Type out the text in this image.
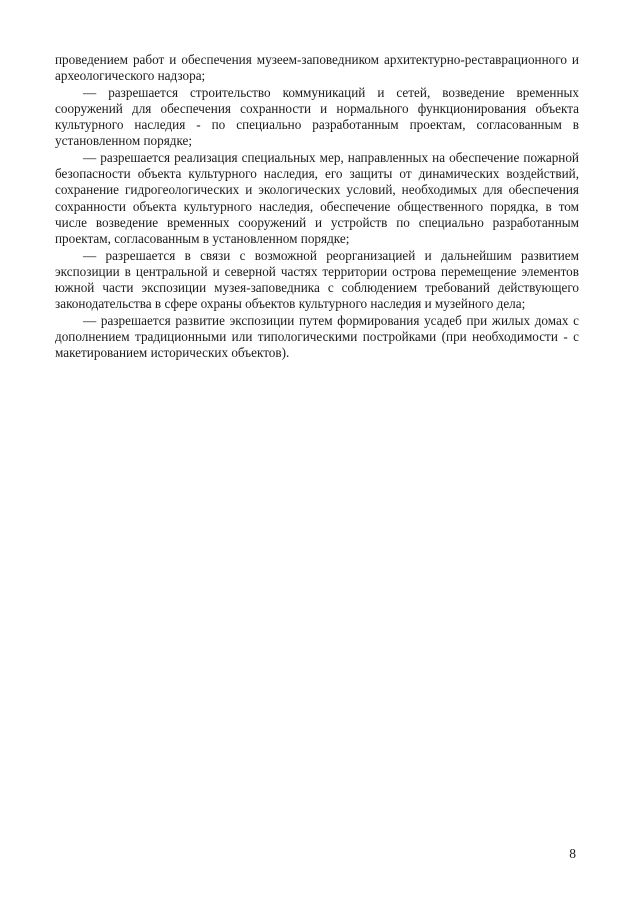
проведением работ и обеспечения музеем-заповедником архитектурно-реставрационного и археологического надзора;

— разрешается строительство коммуникаций и сетей, возведение временных сооружений для обеспечения сохранности и нормального функционирования объекта культурного наследия - по специально разработанным проектам, согласованным в установленном порядке;

— разрешается реализация специальных мер, направленных на обеспечение пожарной безопасности объекта культурного наследия, его защиты от динамических воздействий, сохранение гидрогеологических и экологических условий, необходимых для обеспечения сохранности объекта культурного наследия, обеспечение общественного порядка, в том числе возведение временных сооружений и устройств по специально разработанным проектам, согласованным в установленном порядке;

— разрешается в связи с возможной реорганизацией и дальнейшим развитием экспозиции в центральной и северной частях территории острова перемещение элементов южной части экспозиции музея-заповедника с соблюдением требований действующего законодательства в сфере охраны объектов культурного наследия и музейного дела;

— разрешается развитие экспозиции путем формирования усадеб при жилых домах с дополнением традиционными или типологическими постройками (при необходимости - с макетированием исторических объектов).

8
